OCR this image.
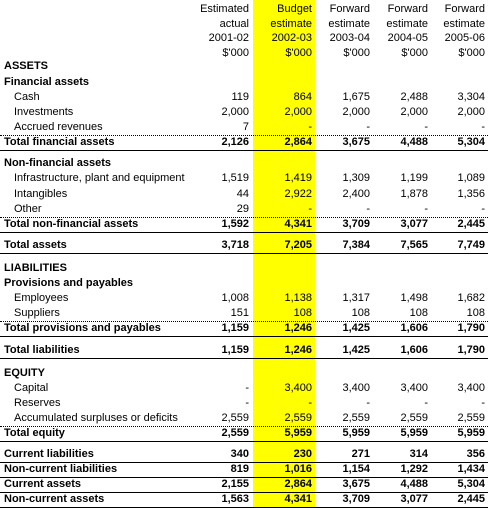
Estimated
actual
2001-02
$'000
Budget
estimate
2002-03
$'000
Forward
estimate
2003-04
$'000
Forward
estimate
2004-05
$'000
Forward
estimate
2005-06
$'000
ASSETS
Financial assets
Cash	119	864	1,675	2,488	3,304
Investments	2,000	2,000	2,000	2,000	2,000
Accrued revenues	7	-	-	-	-
Total financial assets	2,126	2,864	3,675	4,488	5,304
Non-financial assets
Infrastructure, plant and equipment	1,519	1,419	1,309	1,199	1,089
Intangibles	44	2,922	2,400	1,878	1,356
Other	29	-	-	-	-
Total non-financial assets	1,592	4,341	3,709	3,077	2,445
Total assets	3,718	7,205	7,384	7,565	7,749
LIABILITIES
Provisions and payables
Employees	1,008	1,138	1,317	1,498	1,682
Suppliers	151	108	108	108	108
Total provisions and payables	1,159	1,246	1,425	1,606	1,790
Total liabilities	1,159	1,246	1,425	1,606	1,790
EQUITY
Capital	-	3,400	3,400	3,400	3,400
Reserves	-	-	-	-	-
Accumulated surpluses or deficits	2,559	2,559	2,559	2,559	2,559
Total equity	2,559	5,959	5,959	5,959	5,959
Current liabilities	340	230	271	314	356
Non-current liabilities	819	1,016	1,154	1,292	1,434
Current assets	2,155	2,864	3,675	4,488	5,304
Non-current assets	1,563	4,341	3,709	3,077	2,445
